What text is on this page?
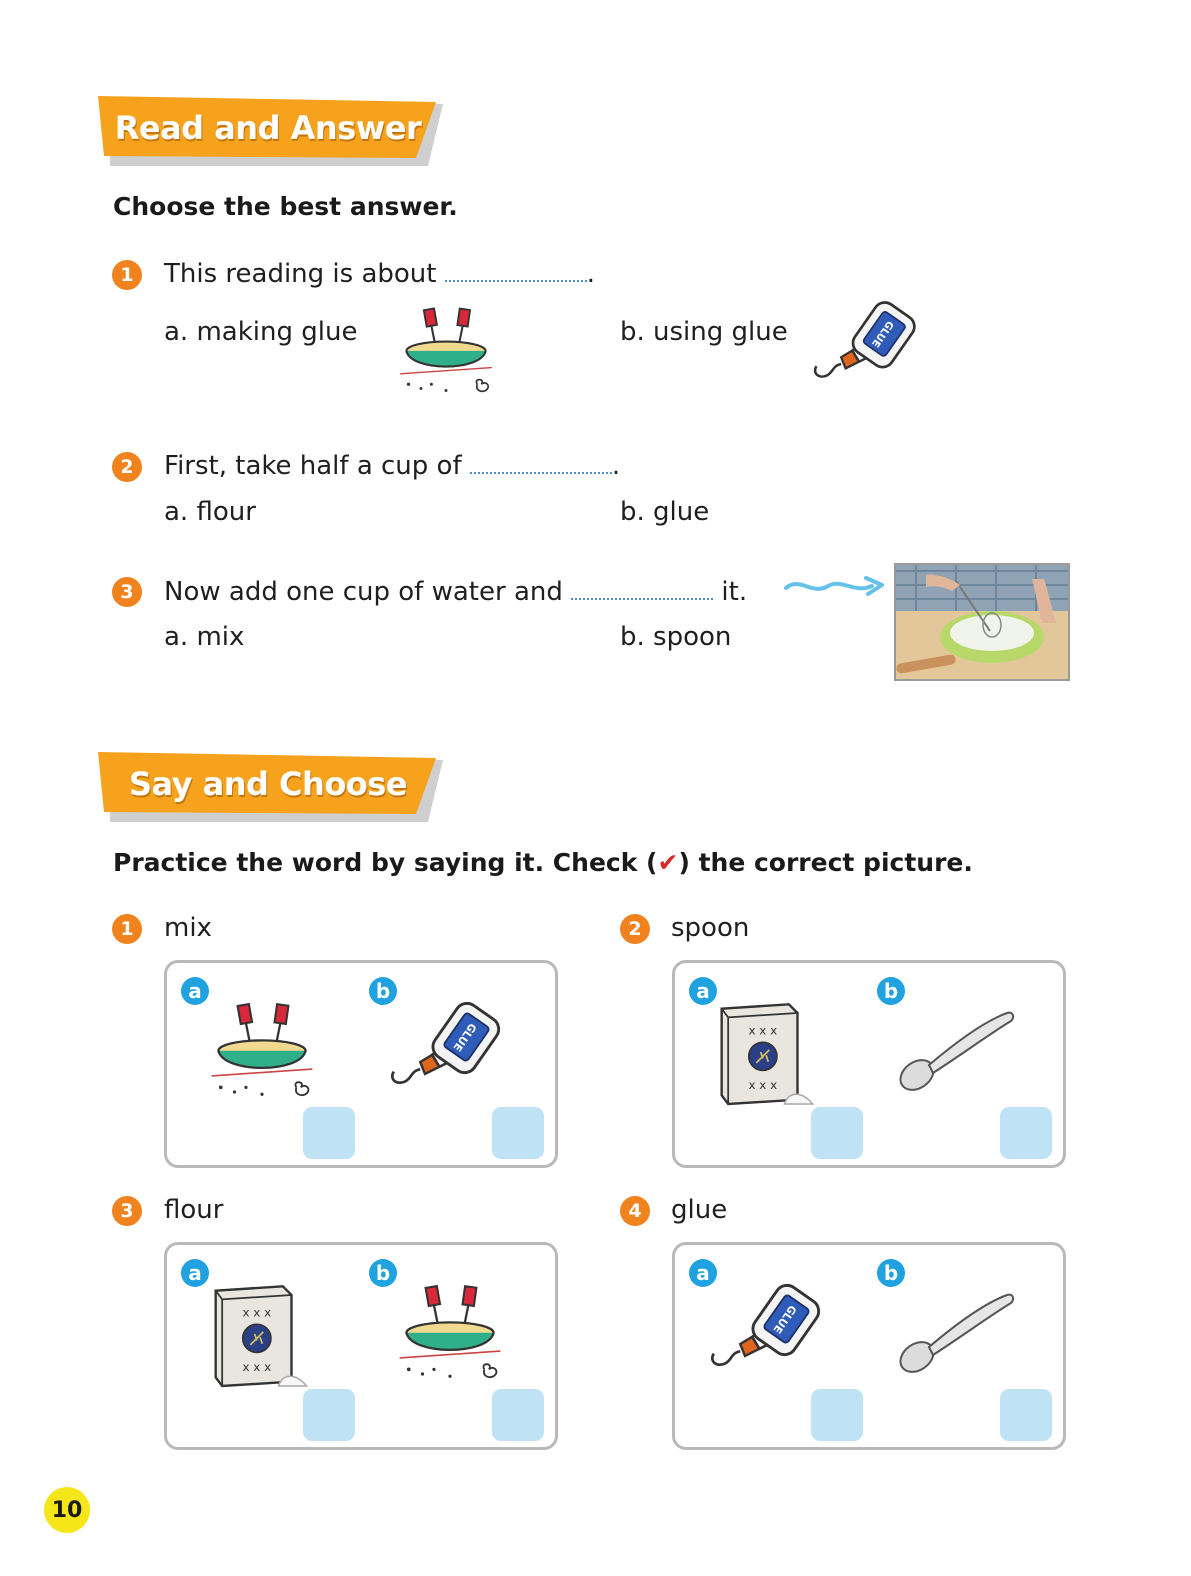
Read and Answer
Choose the best answer.
1	This reading is about	.
a. making glue	b. using glue
2	First, take half a cup of	.
a. flour	b. glue
3	Now add one cup of water and	it.
a. mix	b. spoon
Say and Choose
Practice the word by saying it. Check (✔) the correct picture.
1	mix
a	b
2	spoon
a	b
3	flour
a	b
4	glue
a	b
10
